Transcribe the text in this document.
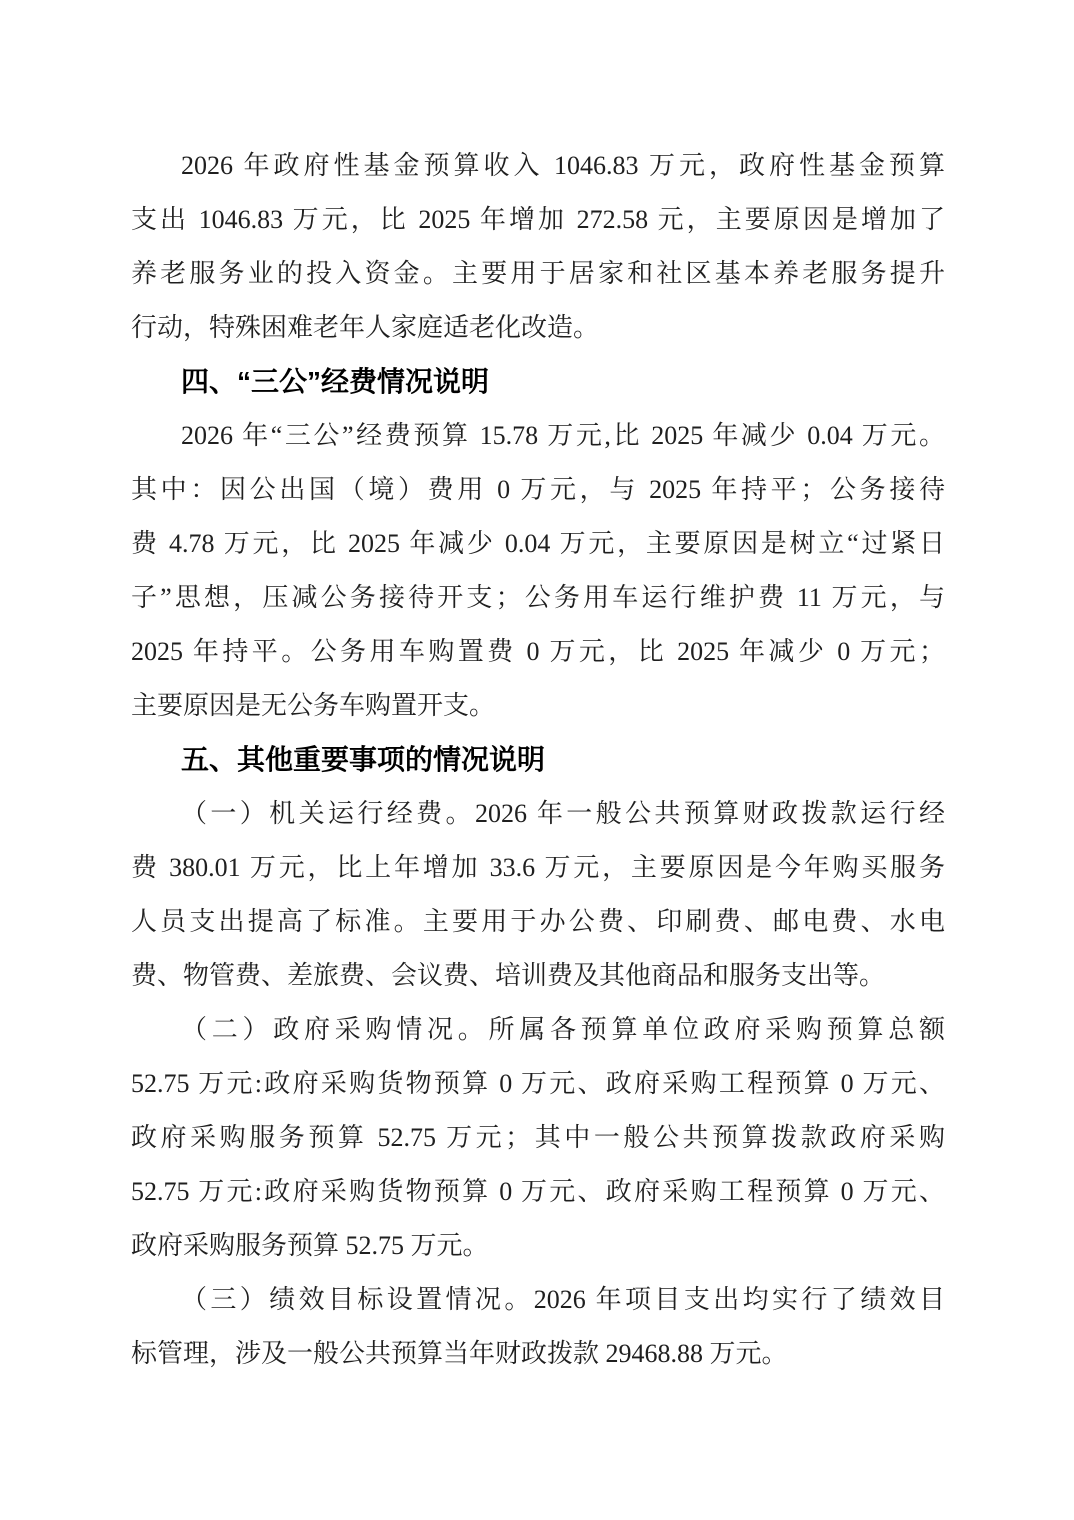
2026 年政府性基金预算收入 1046.83 万元，政府性基金预算
支出 1046.83 万元，比 2025 年增加 272.58 元，主要原因是增加了
养老服务业的投入资金。主要用于居家和社区基本养老服务提升
行动，特殊困难老年人家庭适老化改造。
四、“三公”经费情况说明
2026 年“三公”经费预算 15.78 万元,比 2025 年减少 0.04 万元。
其中：因公出国（境）费用 0 万元，与 2025 年持平；公务接待
费 4.78 万元，比 2025 年减少 0.04 万元，主要原因是树立“过紧日
子”思想，压减公务接待开支；公务用车运行维护费 11 万元，与
2025 年持平。公务用车购置费 0 万元，比 2025 年减少 0 万元；
主要原因是无公务车购置开支。
五、其他重要事项的情况说明
（一）机关运行经费。2026 年一般公共预算财政拨款运行经
费 380.01 万元，比上年增加 33.6 万元，主要原因是今年购买服务
人员支出提高了标准。主要用于办公费、印刷费、邮电费、水电
费、物管费、差旅费、会议费、培训费及其他商品和服务支出等。
（二）政府采购情况。所属各预算单位政府采购预算总额
52.75 万元:政府采购货物预算 0 万元、政府采购工程预算 0 万元、
政府采购服务预算 52.75 万元；其中一般公共预算拨款政府采购
52.75 万元:政府采购货物预算 0 万元、政府采购工程预算 0 万元、
政府采购服务预算 52.75 万元。
（三）绩效目标设置情况。2026 年项目支出均实行了绩效目
标管理，涉及一般公共预算当年财政拨款 29468.88 万元。
